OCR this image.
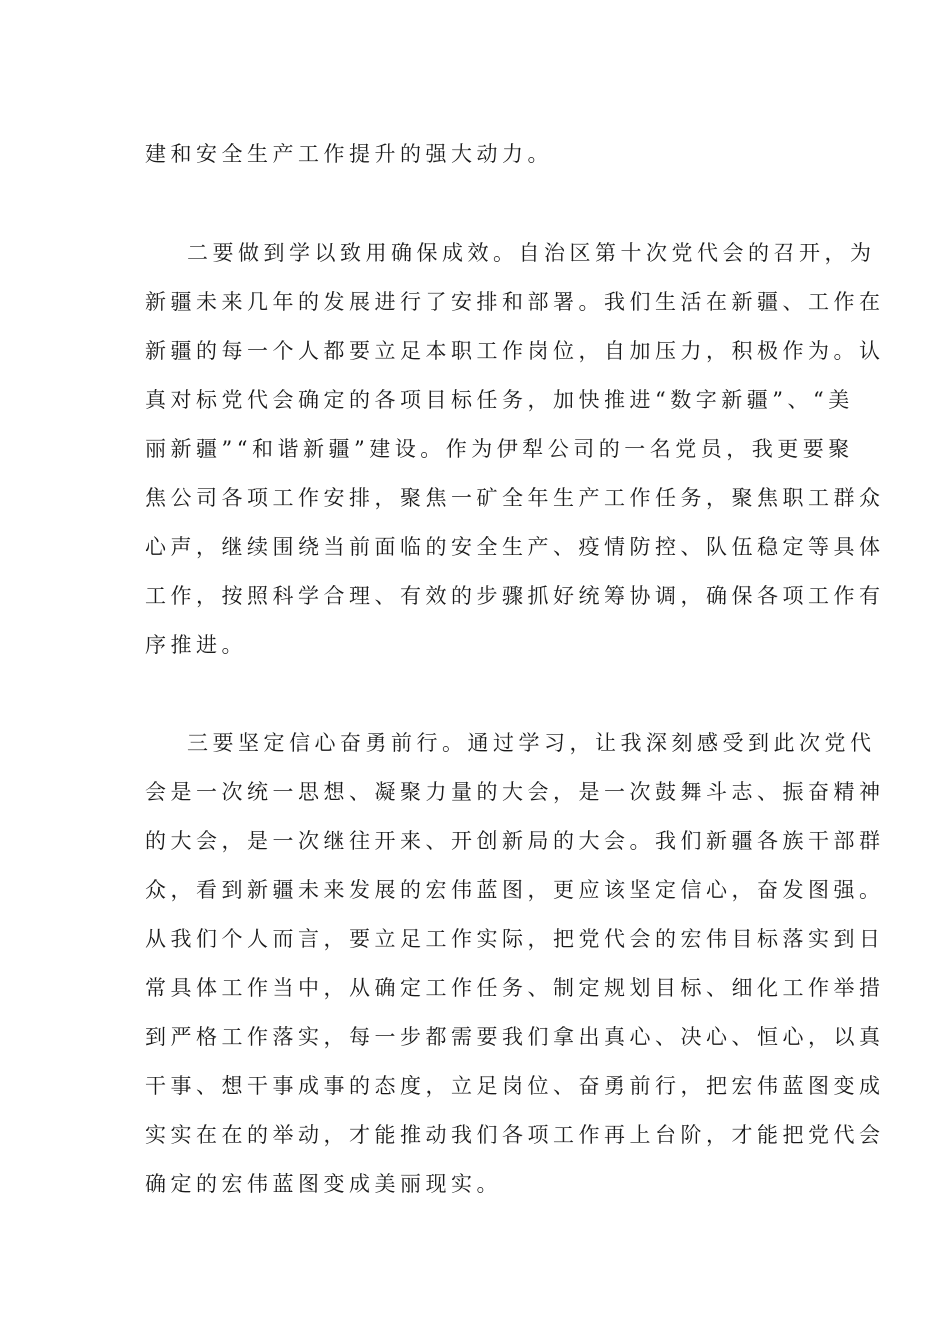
建和安全生产工作提升的强大动力。
二要做到学以致用确保成效。自治区第十次党代会的召开，为
新疆未来几年的发展进行了安排和部署。我们生活在新疆、工作在
新疆的每一个人都要立足本职工作岗位，自加压力，积极作为。认
真对标党代会确定的各项目标任务，加快推进“数字新疆”、“美
丽新疆”“和谐新疆”建设。作为伊犁公司的一名党员，我更要聚
焦公司各项工作安排，聚焦一矿全年生产工作任务，聚焦职工群众
心声，继续围绕当前面临的安全生产、疫情防控、队伍稳定等具体
工作，按照科学合理、有效的步骤抓好统筹协调，确保各项工作有
序推进。
三要坚定信心奋勇前行。通过学习，让我深刻感受到此次党代
会是一次统一思想、凝聚力量的大会，是一次鼓舞斗志、振奋精神
的大会，是一次继往开来、开创新局的大会。我们新疆各族干部群
众，看到新疆未来发展的宏伟蓝图，更应该坚定信心，奋发图强。
从我们个人而言，要立足工作实际，把党代会的宏伟目标落实到日
常具体工作当中，从确定工作任务、制定规划目标、细化工作举措
到严格工作落实，每一步都需要我们拿出真心、决心、恒心，以真
干事、想干事成事的态度，立足岗位、奋勇前行，把宏伟蓝图变成
实实在在的举动，才能推动我们各项工作再上台阶，才能把党代会
确定的宏伟蓝图变成美丽现实。
